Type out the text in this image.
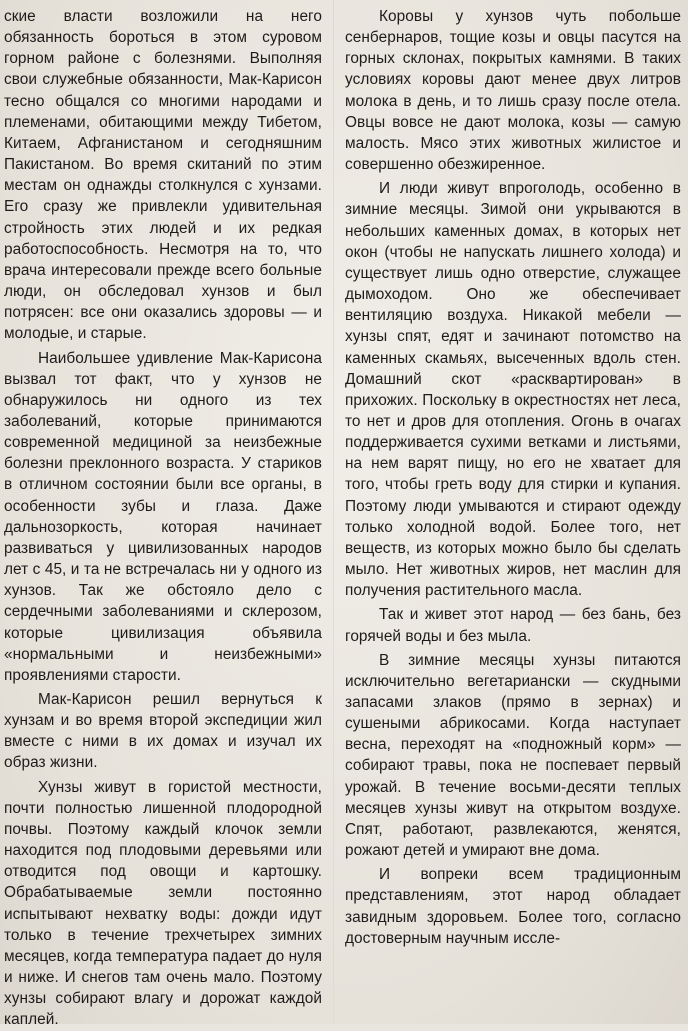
ские власти возложили на него обязанность бороться в этом суровом горном районе с болезнями. Выполняя свои служебные обязанности, Мак-Карисон тесно общался со многими народами и племенами, обитающими между Тибетом, Китаем, Афганистаном и сегодняшним Пакистаном. Во время скитаний по этим местам он однажды столкнулся с хунзами. Его сразу же привлекли удивительная стройность этих людей и их редкая работоспособность. Несмотря на то, что врача интересовали прежде всего больные люди, он обследовал хунзов и был потрясен: все они оказались здоровы — и молодые, и старые.

Наибольшее удивление Мак-Карисона вызвал тот факт, что у хунзов не обнаружилось ни одного из тех заболеваний, которые принимаются современной медициной за неизбежные болезни преклонного возраста. У стариков в отличном состоянии были все органы, в особенности зубы и глаза. Даже дальнозоркость, которая начинает развиваться у цивилизованных народов лет с 45, и та не встречалась ни у одного из хунзов. Так же обстояло дело с сердечными заболеваниями и склерозом, которые цивилизация объявила «нормальными и неизбежными» проявлениями старости.

Мак-Карисон решил вернуться к хунзам и во время второй экспедиции жил вместе с ними в их домах и изучал их образ жизни.

Хунзы живут в гористой местности, почти полностью лишенной плодородной почвы. Поэтому каждый клочок земли находится под плодовыми деревьями или отводится под овощи и картошку. Обрабатываемые земли постоянно испытывают нехватку воды: дожди идут только в течение трехчетырех зимних месяцев, когда температура падает до нуля и ниже. И снегов там очень мало. Поэтому хунзы собирают влагу и дорожат каждой каплей.

Коровы у хунзов чуть побольше сенбернаров, тощие козы и овцы пасутся на горных склонах, покрытых камнями. В таких условиях коровы дают менее двух литров молока в день, и то лишь сразу после отела. Овцы вовсе не дают молока, козы — самую малость. Мясо этих животных жилистое и совершенно обезжиренное.

И люди живут впроголодь, особенно в зимние месяцы. Зимой они укрываются в небольших каменных домах, в которых нет окон (чтобы не напускать лишнего холода) и существует лишь одно отверстие, служащее дымоходом. Оно же обеспечивает вентиляцию воздуха. Никакой мебели — хунзы спят, едят и зачинают потомство на каменных скамьях, высеченных вдоль стен. Домашний скот «расквартирован» в прихожих. Поскольку в окрестностях нет леса, то нет и дров для отопления. Огонь в очагах поддерживается сухими ветками и листьями, на нем варят пищу, но его не хватает для того, чтобы греть воду для стирки и купания. Поэтому люди умываются и стирают одежду только холодной водой. Более того, нет веществ, из которых можно было бы сделать мыло. Нет животных жиров, нет маслин для получения растительного масла.

Так и живет этот народ — без бань, без горячей воды и без мыла.

В зимние месяцы хунзы питаются исключительно вегетариански — скудными запасами злаков (прямо в зернах) и сушеными абрикосами. Когда наступает весна, переходят на «подножный корм» — собирают травы, пока не поспевает первый урожай. В течение восьми-десяти теплых месяцев хунзы живут на открытом воздухе. Спят, работают, развлекаются, женятся, рожают детей и умирают вне дома.

И вопреки всем традиционным представлениям, этот народ обладает завидным здоровьем. Более того, согласно достоверным научным иссле-
